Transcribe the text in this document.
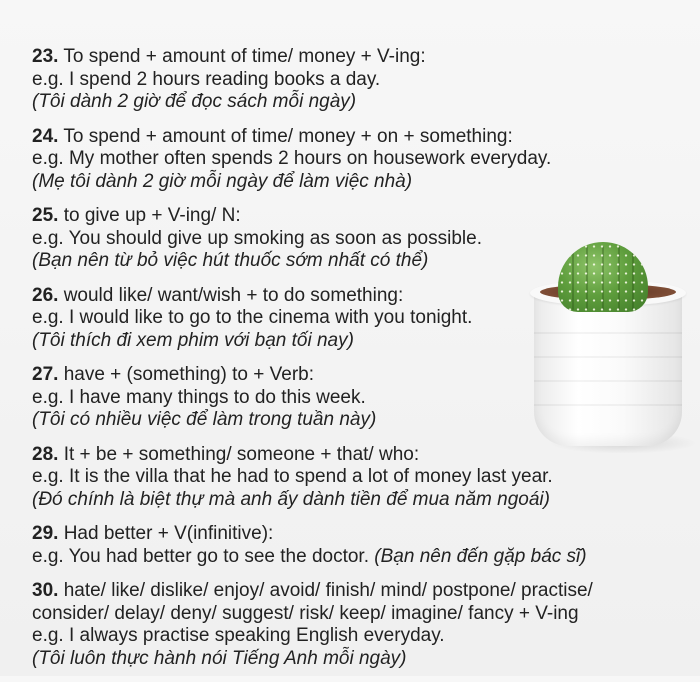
23. To spend + amount of time/ money + V-ing:
e.g. I spend 2 hours reading books a day.
(Tôi dành 2 giờ để đọc sách mỗi ngày)
24. To spend + amount of time/ money + on + something:
e.g. My mother often spends 2 hours on housework everyday.
(Mẹ tôi dành 2 giờ mỗi ngày để làm việc nhà)
25. to give up + V-ing/ N:
e.g. You should give up smoking as soon as possible.
(Bạn nên từ bỏ việc hút thuốc sớm nhất có thể)
26. would like/ want/wish + to do something:
e.g. I would like to go to the cinema with you tonight.
(Tôi thích đi xem phim với bạn tối nay)
27. have + (something) to + Verb:
e.g. I have many things to do this week.
(Tôi có nhiều việc để làm trong tuần này)
28. It + be + something/ someone + that/ who:
e.g. It is the villa that he had to spend a lot of money last year.
(Đó chính là biệt thự mà anh ấy dành tiền để mua năm ngoái)
29. Had better + V(infinitive):
e.g. You had better go to see the doctor. (Bạn nên đến gặp bác sĩ)
30. hate/ like/ dislike/ enjoy/ avoid/ finish/ mind/ postpone/ practise/
consider/ delay/ deny/ suggest/ risk/ keep/ imagine/ fancy + V-ing
e.g. I always practise speaking English everyday.
(Tôi luôn thực hành nói Tiếng Anh mỗi ngày)
